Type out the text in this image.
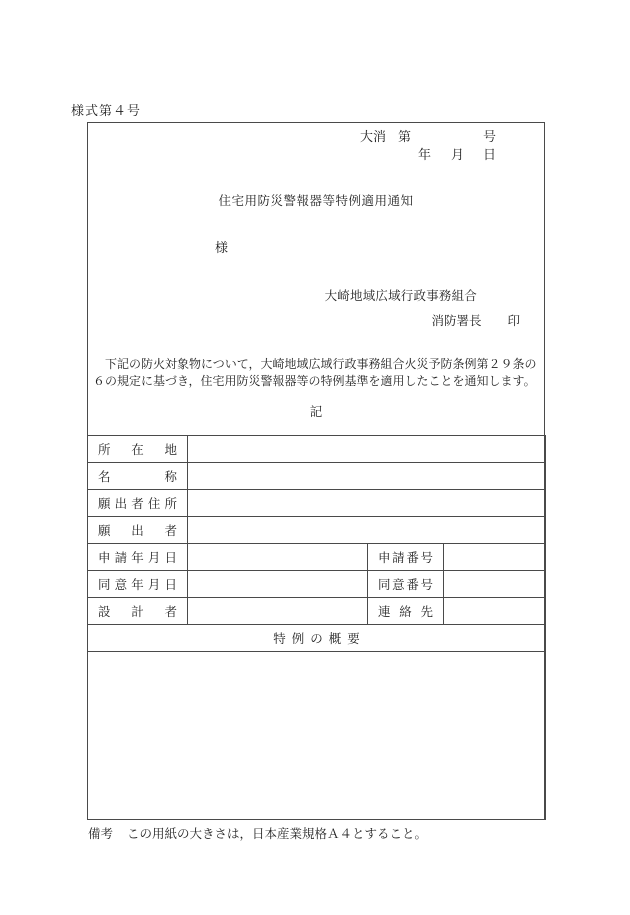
様式第４号
大消 第	号
年 月 日
住宅用防災警報器等特例適用通知
様
大崎地域広域行政事務組合
消防署長 印
下記の防火対象物について，大崎地域広域行政事務組合火災予防条例第２９条の
６の規定に基づき，住宅用防災警報器等の特例基準を適用したことを通知します。
記
所在地			
名称			
願出者住所			
願出者			
申請年月日		申請番号	
同意年月日		同意番号	
設計者		連絡先	
特例の概要			

備考 この用紙の大きさは，日本産業規格Ａ４とすること。
